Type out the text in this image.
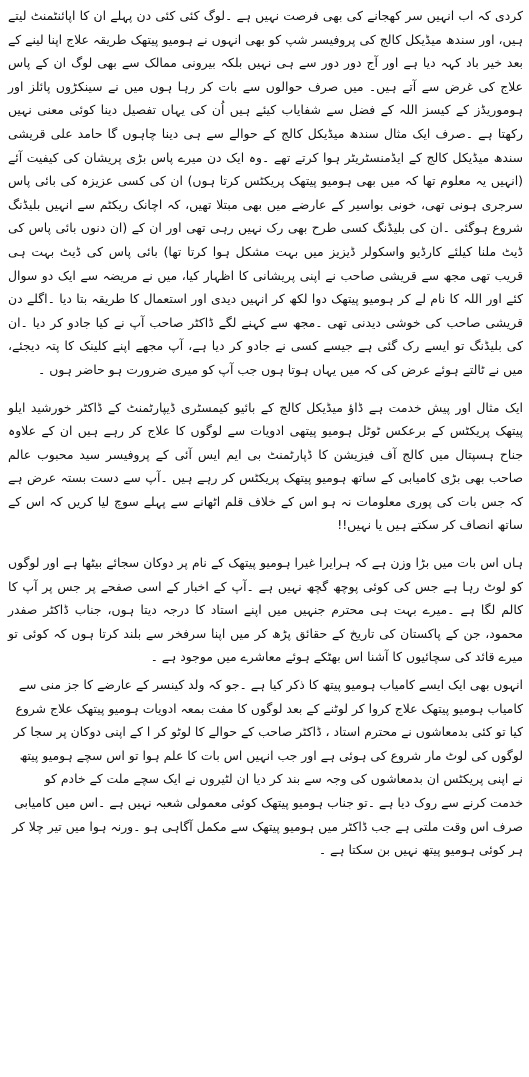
کردی کہ اب انہیں سر کھجانے کی بھی فرصت نہیں ہے ۔لوگ کئی کئی دن پہلے ان کا اپائنٹمنٹ لیتے ہیں، اور سندھ میڈیکل کالج کی پروفیسر شپ کو بھی انہوں نے ہومیو پیتھک طریقہ علاج اپنا لینے کے بعد خیر باد کہہ دیا ہے اور آج دور دور سے ہی نہیں بلکہ بیرونی ممالک سے بھی لوگ ان کے پاس علاج کی غرض سے آتے ہیں۔ میں صرف حوالوں سے بات کر رہا ہوں میں نے سینکڑوں پائلز اور ہوموریڈز کے کیسز اللہ کے فضل سے شفایاب کیئے ہیں اُن کی یہاں تفصیل دینا کوئی معنی نہیں رکھتا ہے ۔صرف ایک مثال سندھ میڈیکل کالج کے حوالے سے ہی دینا چاہوں گا حامد علی قریشی سندھ میڈیکل کالج کے ایڈمنسٹریٹر ہوا کرتے تھے ۔وہ ایک دن میرے پاس بڑی پریشان کی کیفیت آئے (انہیں یہ معلوم تھا کہ میں بھی ہومیو پیتھک پریکٹس کرتا ہوں) ان کی کسی عزیزہ کی بائی پاس سرجری ہونی تھی، خونی بواسیر کے عارضے میں بھی مبتلا تھیں، کہ اچانک ریکٹم سے انہیں بلیڈنگ شروع ہوگئی ۔ان کی بلیڈنگ کسی طرح بھی رک نہیں رہی تھی اور ان کے (ان دنوں بائی پاس کی ڈیٹ ملنا کیلئے کارڈیو واسکولر ڈیزیز میں بہت مشکل ہوا کرتا تھا) بائی پاس کی ڈیٹ بہت ہی قریب تھی مجھ سے قریشی صاحب نے اپنی پریشانی کا اظہار کیا، میں نے مریضہ سے ایک دو سوال کئے اور اللہ کا نام لے کر ہومیو پیتھک دوا لکھ کر انہیں دیدی اور استعمال کا طریقہ بتا دیا ۔اگلے دن قریشی صاحب کی خوشی دیدنی تھی ۔مجھ سے کہنے لگے ڈاکٹر صاحب آپ نے کیا جادو کر دیا ۔ان کی بلیڈنگ تو ایسے رک گئی ہے جیسے کسی نے جادو کر دیا ہے، آپ مجھے اپنے کلینک کا پتہ دیجئے، میں نے ٹالتے ہوئے عرض کی کہ میں یہاں ہوتا ہوں جب آپ کو میری ضرورت ہو حاضر ہوں ۔

ایک مثال اور پیش خدمت ہے ڈاؤ میڈیکل کالج کے بائیو کیمسٹری ڈیپارٹمنٹ کے ڈاکٹر خورشید ایلو پیتھک پریکٹس کے برعکس ٹوٹل ہومیو پیتھی ادویات سے لوگوں کا علاج کر رہے ہیں ان کے علاوہ جناح ہسپتال میں کالج آف فیزیشن کا ڈپارٹمنٹ بی ایم ایس آئی کے پروفیسر سید محبوب عالم صاحب بھی بڑی کامیابی کے ساتھ ہومیو پیتھک پریکٹس کر رہے ہیں ۔آپ سے دست بستہ عرض ہے کہ جس بات کی پوری معلومات نہ ہو اس کے خلاف قلم اٹھانے سے پہلے سوچ لیا کریں کہ اس کے ساتھ انصاف کر سکتے ہیں یا نہیں!!

ہاں اس بات میں بڑا وزن ہے کہ ہرایرا غیرا ہومیو پیتھک کے نام پر دوکان سجائے بیٹھا ہے اور لوگوں کو لوٹ رہا ہے جس کی کوئی پوچھ گچھ نہیں ہے ۔آپ کے اخبار کے اسی صفحے پر جس پر آپ کا کالم لگا ہے ۔میرے بہت ہی محترم جنہیں میں اپنے استاد کا درجہ دیتا ہوں، جناب ڈاکٹر صفدر محمود، جن کے پاکستان کی تاریخ کے حقائق پڑھ کر میں اپنا سرفخر سے بلند کرتا ہوں کہ کوئی تو میرے قائد کی سچائیوں کا آشنا اس بھٹکے ہوئے معاشرے میں موجود ہے ۔

انہوں بھی ایک ایسے کامیاب ہومیو پیتھ کا ذکر کیا ہے ۔جو کہ ولد کینسر کے عارضے کا جز منی سے کامیاب ہومیو پیتھک علاج کروا کر لوٹنے کے بعد لوگوں کا مفت بمعہ ادویات ہومیو پیتھک علاج شروع کیا تو کئی بدمعاشوں نے محترم استاد ، ڈاکٹر صاحب کے حوالے کا لوٹو کر ا کے اپنی دوکان پر سجا کر لوگوں کی لوٹ مار شروع کی ہوئی ہے اور جب انہیں اس بات کا علم ہوا تو اس سچے ہومیو پیتھ نے اپنی پریکٹس ان بدمعاشوں کی وجہ سے بند کر دیا ان لٹیروں نے ایک سچے ملت کے خادم کو خدمت کرنے سے روک دیا ہے ۔تو جناب ہومیو پیتھک کوئی معمولی شعبہ نہیں ہے ۔اس میں کامیابی صرف اس وقت ملتی ہے جب ڈاکٹر میں ہومیو پیتھک سے مکمل آگاہی ہو ۔ورنہ ہوا میں تیر چلا کر ہر کوئی ہومیو پیتھ نہیں بن سکتا ہے ۔
